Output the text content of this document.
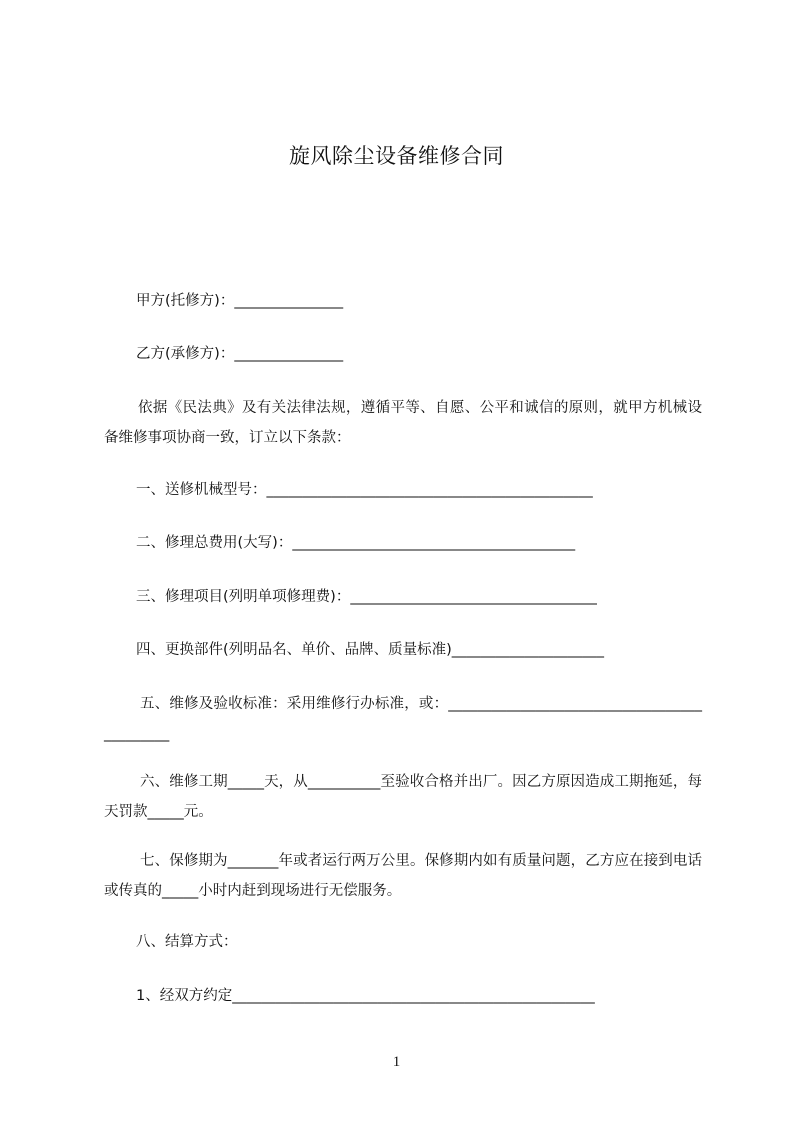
旋风除尘设备维修合同
甲方(托修方)：_______________
乙方(承修方)：_______________
依据《民法典》及有关法律法规，遵循平等、自愿、公平和诚信的原则，就甲方机械设备维修事项协商一致，订立以下条款：
一、送修机械型号：_____________________________________________
二、修理总费用(大写)：_______________________________________
三、修理项目(列明单项修理费)：__________________________________
四、更换部件(列明品名、单价、品牌、质量标准)_____________________
五、维修及验收标准：采用维修行办标准，或：____________________________________________
六、维修工期_____天，从__________至验收合格并出厂。因乙方原因造成工期拖延，每天罚款_____元。
七、保修期为_______年或者运行两万公里。保修期内如有质量问题，乙方应在接到电话或传真的_____小时内赶到现场进行无偿服务。
八、结算方式：
1、经双方约定__________________________________________________
1
